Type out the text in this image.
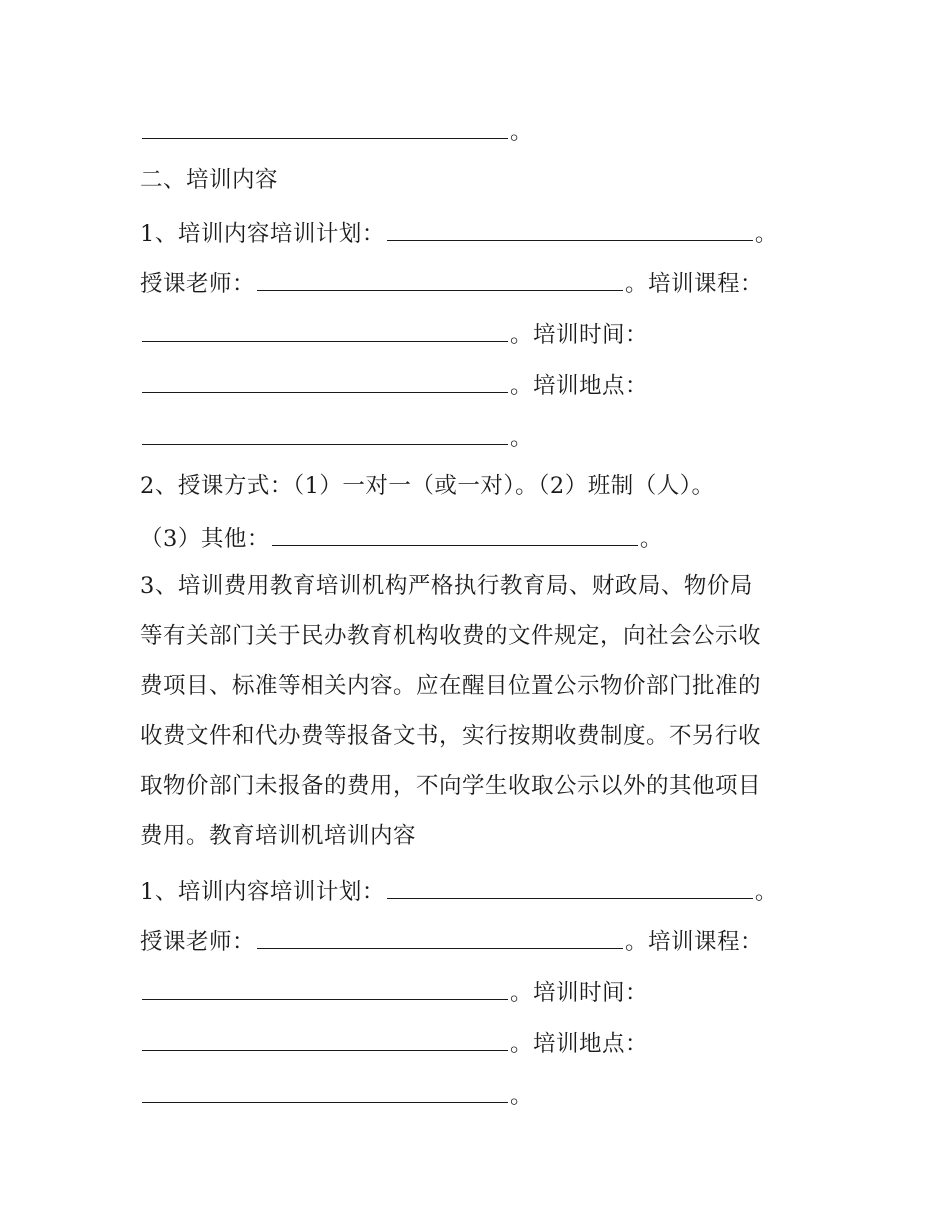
。
二、培训内容
1、培训内容培训计划：	。
授课老师：	。培训课程：
。培训时间：
。培训地点：
。
2、授课方式：（1）一对一（或一对）。（2）班制（人）。
（3）其他：	。
3、培训费用教育培训机构严格执行教育局、财政局、物价局
等有关部门关于民办教育机构收费的文件规定，向社会公示收
费项目、标准等相关内容。应在醒目位置公示物价部门批准的
收费文件和代办费等报备文书，实行按期收费制度。不另行收
取物价部门未报备的费用，不向学生收取公示以外的其他项目
费用。教育培训机培训内容
1、培训内容培训计划：	。
授课老师：	。培训课程：
。培训时间：
。培训地点：
。
